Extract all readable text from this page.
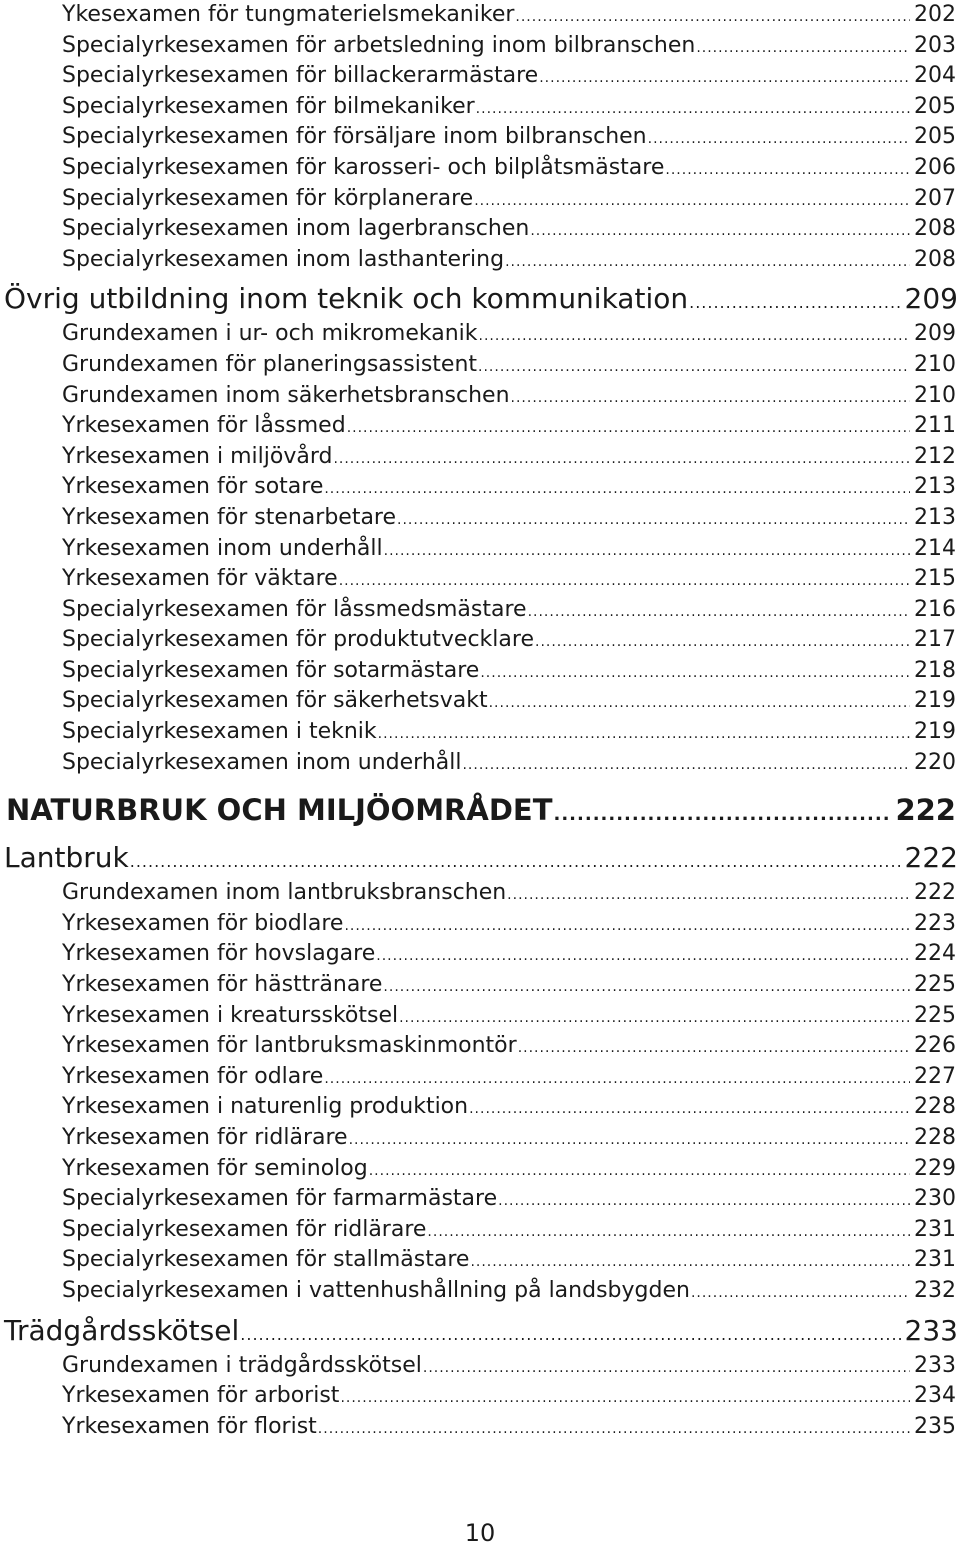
Ykesexamen för tungmaterielsmekaniker .....	202
Specialyrkesexamen för arbetsledning inom bilbranschen .....	203
Specialyrkesexamen för billackerarmästare .....	204
Specialyrkesexamen för bilmekaniker .....	205
Specialyrkesexamen för försäljare inom bilbranschen .....	205
Specialyrkesexamen för karosseri- och bilplåtsmästare .....	206
Specialyrkesexamen för körplanerare .....	207
Specialyrkesexamen inom lagerbranschen .....	208
Specialyrkesexamen inom lasthantering .....	208
Övrig utbildning inom teknik och kommunikation .....	209
Grundexamen i ur- och mikromekanik .....	209
Grundexamen för planeringsassistent .....	210
Grundexamen inom säkerhetsbranschen .....	210
Yrkesexamen för låssmed .....	211
Yrkesexamen i miljövård .....	212
Yrkesexamen för sotare .....	213
Yrkesexamen för stenarbetare .....	213
Yrkesexamen inom underhåll .....	214
Yrkesexamen för väktare .....	215
Specialyrkesexamen för låssmedsmästare .....	216
Specialyrkesexamen för produktutvecklare .....	217
Specialyrkesexamen för sotarmästare .....	218
Specialyrkesexamen för säkerhetsvakt .....	219
Specialyrkesexamen i teknik .....	219
Specialyrkesexamen inom underhåll .....	220
NATURBRUK OCH MILJÖOMRÅDET .....	222
Lantbruk .....	222
Grundexamen inom lantbruksbranschen .....	222
Yrkesexamen för biodlare .....	223
Yrkesexamen för hovslagare .....	224
Yrkesexamen för hästtränare .....	225
Yrkesexamen i kreatursskötsel .....	225
Yrkesexamen för lantbruksmaskinmontör .....	226
Yrkesexamen för odlare .....	227
Yrkesexamen i naturenlig produktion .....	228
Yrkesexamen för ridlärare .....	228
Yrkesexamen för seminolog .....	229
Specialyrkesexamen för farmarmästare .....	230
Specialyrkesexamen för ridlärare .....	231
Specialyrkesexamen för stallmästare .....	231
Specialyrkesexamen i vattenhushållning på landsbygden .....	232
Trädgårdsskötsel .....	233
Grundexamen i trädgårdsskötsel .....	233
Yrkesexamen för arborist .....	234
Yrkesexamen för florist .....	235
10
